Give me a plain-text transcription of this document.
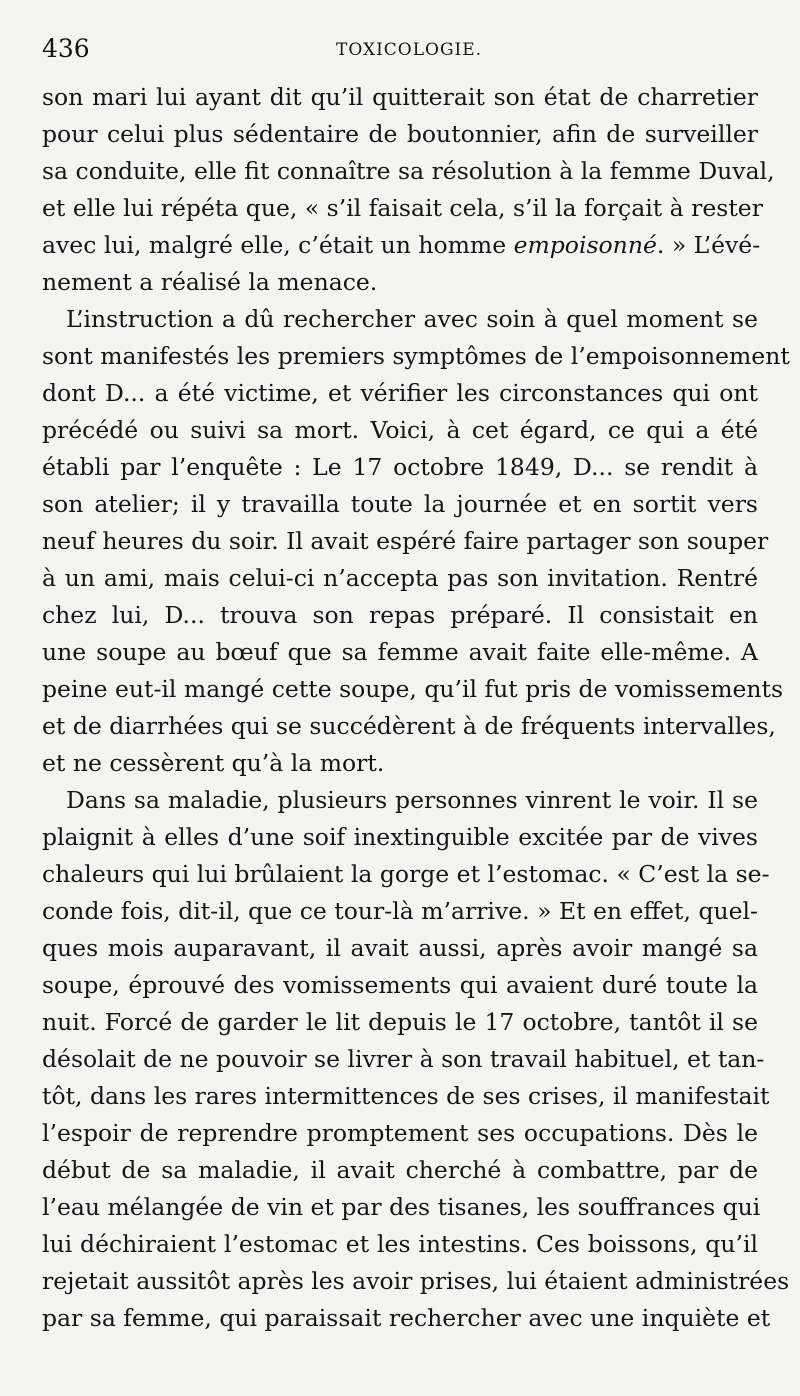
436	TOXICOLOGIE.
son mari lui ayant dit qu’il quitterait son état de charretier
pour celui plus sédentaire de boutonnier, afin de surveiller
sa conduite, elle fit connaître sa résolution à la femme Duval,
et elle lui répéta que, « s’il faisait cela, s’il la forçait à rester
avec lui, malgré elle, c’était un homme empoisonné. » L’évé-
nement a réalisé la menace.
L’instruction a dû rechercher avec soin à quel moment se
sont manifestés les premiers symptômes de l’empoisonnement
dont D... a été victime, et vérifier les circonstances qui ont
précédé ou suivi sa mort. Voici, à cet égard, ce qui a été
établi par l’enquête : Le 17 octobre 1849, D... se rendit à
son atelier; il y travailla toute la journée et en sortit vers
neuf heures du soir. Il avait espéré faire partager son souper
à un ami, mais celui-ci n’accepta pas son invitation. Rentré
chez lui, D... trouva son repas préparé. Il consistait en
une soupe au bœuf que sa femme avait faite elle-même. A
peine eut-il mangé cette soupe, qu’il fut pris de vomissements
et de diarrhées qui se succédèrent à de fréquents intervalles,
et ne cessèrent qu’à la mort.
Dans sa maladie, plusieurs personnes vinrent le voir. Il se
plaignit à elles d’une soif inextinguible excitée par de vives
chaleurs qui lui brûlaient la gorge et l’estomac. « C’est la se-
conde fois, dit-il, que ce tour-là m’arrive. » Et en effet, quel-
ques mois auparavant, il avait aussi, après avoir mangé sa
soupe, éprouvé des vomissements qui avaient duré toute la
nuit. Forcé de garder le lit depuis le 17 octobre, tantôt il se
désolait de ne pouvoir se livrer à son travail habituel, et tan-
tôt, dans les rares intermittences de ses crises, il manifestait
l’espoir de reprendre promptement ses occupations. Dès le
début de sa maladie, il avait cherché à combattre, par de
l’eau mélangée de vin et par des tisanes, les souffrances qui
lui déchiraient l’estomac et les intestins. Ces boissons, qu’il
rejetait aussitôt après les avoir prises, lui étaient administrées
par sa femme, qui paraissait rechercher avec une inquiète et
